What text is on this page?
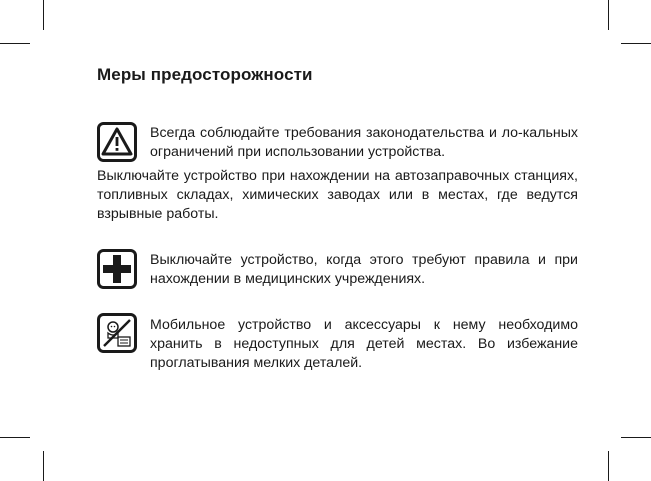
Меры предосторожности

Всегда соблюдайте требования законодательства и ло-кальных ограничений при использовании устройства.

Выключайте устройство при нахождении на автозаправочных станциях, топливных складах, химических заводах или в местах, где ведутся взрывные работы.

Выключайте устройство, когда этого требуют правила и при нахождении в медицинских учреждениях.

Мобильное устройство и аксессуары к нему необходимо хранить в недоступных для детей местах. Во избежание проглатывания мелких деталей.
